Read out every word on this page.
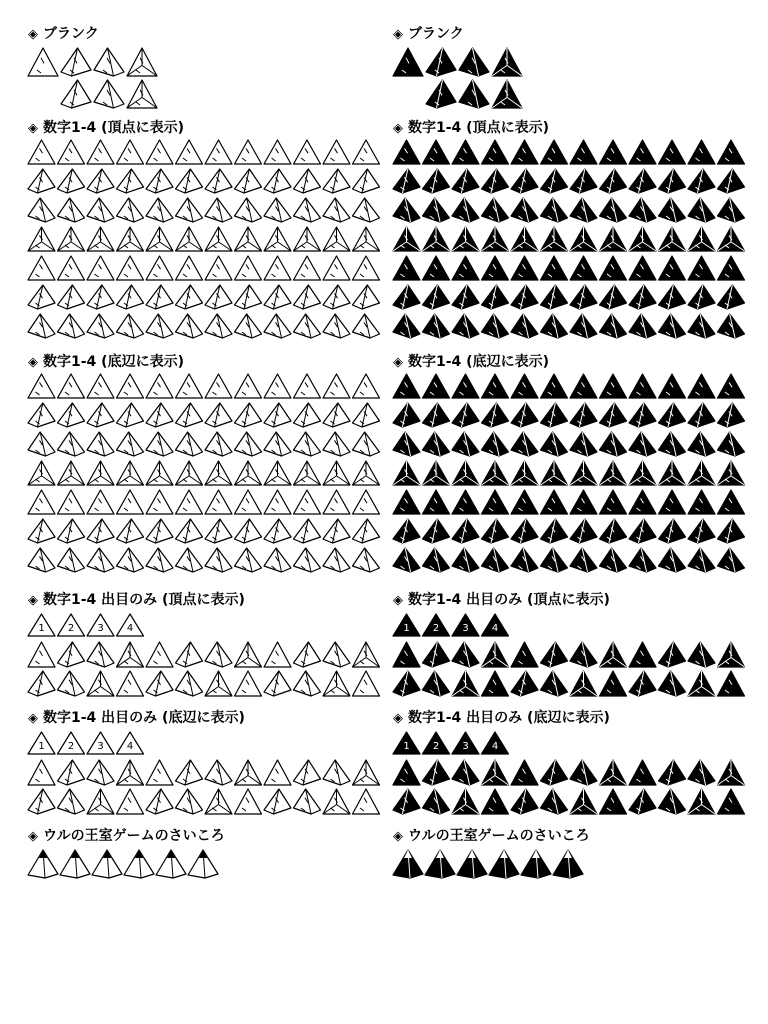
◈ ブランク
◈ 数字1-4 (頂点に表示)
◈ 数字1-4 (底辺に表示)
◈ 数字1-4 出目のみ (頂点に表示)
1 2 3 4
◈ 数字1-4 出目のみ (底辺に表示)
1 2 3 4
◈ ウルの王室ゲームのさいころ
◈ ブランク
◈ 数字1-4 (頂点に表示)
◈ 数字1-4 (底辺に表示)
◈ 数字1-4 出目のみ (頂点に表示)
1 2 3 4
◈ 数字1-4 出目のみ (底辺に表示)
1 2 3 4
◈ ウルの王室ゲームのさいころ
